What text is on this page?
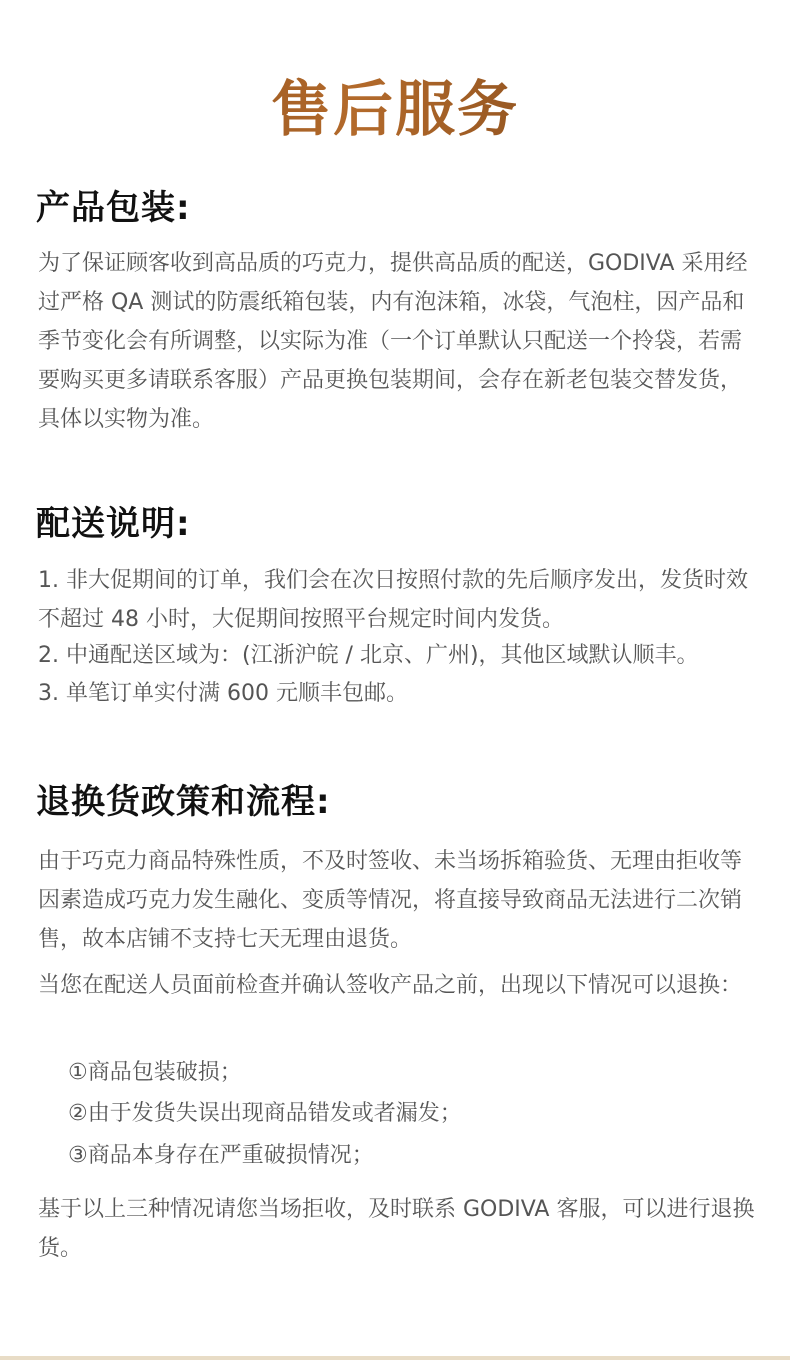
售后服务
产品包装:

为了保证顾客收到高品质的巧克力，提供高品质的配送，GODIVA 采用经过严格 QA 测试的防震纸箱包装，内有泡沫箱，冰袋，气泡柱，因产品和季节变化会有所调整，以实际为准（一个订单默认只配送一个拎袋，若需要购买更多请联系客服）产品更换包装期间，会存在新老包装交替发货，具体以实物为准。

配送说明:

1. 非大促期间的订单，我们会在次日按照付款的先后顺序发出，发货时效不超过 48 小时，大促期间按照平台规定时间内发货。

2. 中通配送区域为：(江浙沪皖 / 北京、广州)，其他区域默认顺丰。

3. 单笔订单实付满 600 元顺丰包邮。

退换货政策和流程:

由于巧克力商品特殊性质，不及时签收、未当场拆箱验货、无理由拒收等因素造成巧克力发生融化、变质等情况，将直接导致商品无法进行二次销售，故本店铺不支持七天无理由退货。

当您在配送人员面前检查并确认签收产品之前，出现以下情况可以退换：

①商品包装破损；

②由于发货失误出现商品错发或者漏发；

③商品本身存在严重破损情况；

基于以上三种情况请您当场拒收，及时联系 GODIVA 客服，可以进行退换货。
